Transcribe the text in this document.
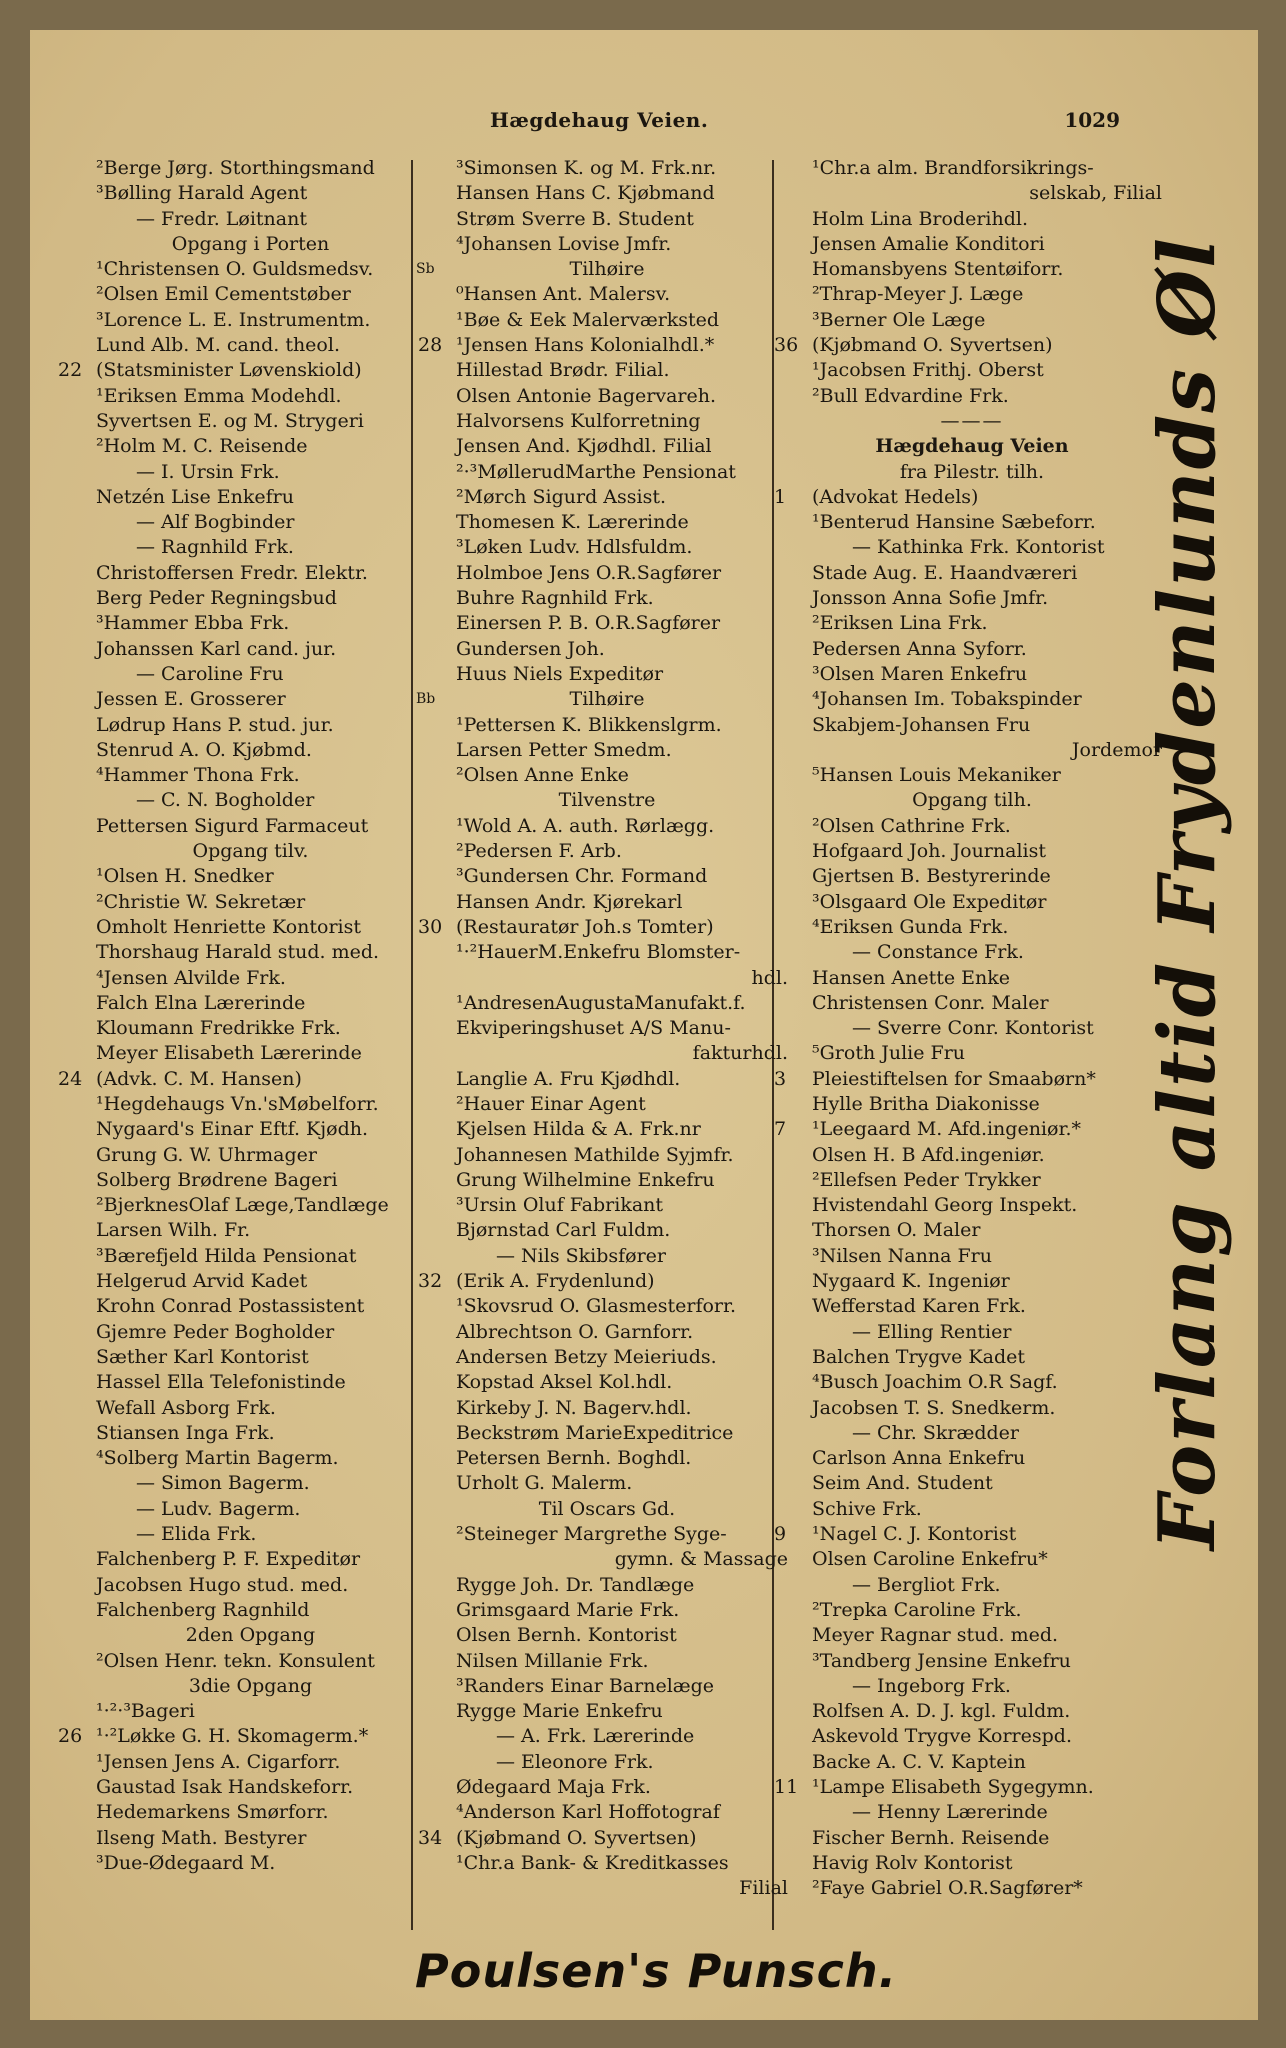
Hægdehaug Veien.	1029
²Berge Jørg. Storthingsmand
³Bølling Harald Agent
— Fredr. Løitnant
Opgang i Porten
¹Christensen O. Guldsmedsv.	Sb
²Olsen Emil Cementstøber
³Lorence L. E. Instrumentm.
Lund Alb. M. cand. theol.
22 (Statsminister Løvenskiold)
¹Eriksen Emma Modehdl.
Syvertsen E. og M. Strygeri
²Holm M. C. Reisende
— I. Ursin Frk.
Netzén Lise Enkefru
— Alf Bogbinder
— Ragnhild Frk.
Christoffersen Fredr. Elektr.
Berg Peder Regningsbud
³Hammer Ebba Frk.
Johanssen Karl cand. jur.
— Caroline Fru
Jessen E. Grosserer	Bb
Lødrup Hans P. stud. jur.
Stenrud A. O. Kjøbmd.
⁴Hammer Thona Frk.
— C. N. Bogholder
Pettersen Sigurd Farmaceut
Opgang tilv.
¹Olsen H. Snedker
²Christie W. Sekretær
Omholt Henriette Kontorist
Thorshaug Harald stud. med.
⁴Jensen Alvilde Frk.
Falch Elna Lærerinde
Kloumann Fredrikke Frk.
Meyer Elisabeth Lærerinde
24 (Advk. C. M. Hansen)
¹Hegdehaugs Vn.'sMøbelforr.
Nygaard's Einar Eftf. Kjødh.
Grung G. W. Uhrmager
Solberg Brødrene Bageri
²BjerknesOlaf Læge,Tandlæge
Larsen Wilh. Fr.
³Bærefjeld Hilda Pensionat
Helgerud Arvid Kadet
Krohn Conrad Postassistent
Gjemre Peder Bogholder
Sæther Karl Kontorist
Hassel Ella Telefonistinde
Wefall Asborg Frk.
Stiansen Inga Frk.
⁴Solberg Martin Bagerm.
— Simon Bagerm.
— Ludv. Bagerm.
— Elida Frk.
Falchenberg P. F. Expeditør
Jacobsen Hugo stud. med.
Falchenberg Ragnhild
2den Opgang
²Olsen Henr. tekn. Konsulent
3die Opgang
¹·²·³Bageri
26 ¹·²Løkke G. H. Skomagerm.*
¹Jensen Jens A. Cigarforr.
Gaustad Isak Handskeforr.
Hedemarkens Smørforr.
Ilseng Math. Bestyrer
³Due-Ødegaard M.
³Simonsen K. og M. Frk.nr.
Hansen Hans C. Kjøbmand
Strøm Sverre B. Student
⁴Johansen Lovise Jmfr.
Tilhøire
⁰Hansen Ant. Malersv.
¹Bøe & Eek Malerværksted
28 ¹Jensen Hans Kolonialhdl.*
Hillestad Brødr. Filial.
Olsen Antonie Bagervareh.
Halvorsens Kulforretning
Jensen And. Kjødhdl. Filial
²·³MøllerudMarthe Pensionat
²Mørch Sigurd Assist.
Thomesen K. Lærerinde
³Løken Ludv. Hdlsfuldm.
Holmboe Jens O.R.Sagfører
Buhre Ragnhild Frk.
Einersen P. B. O.R.Sagfører
Gundersen Joh.
Huus Niels Expeditør
Tilhøire
¹Pettersen K. Blikkenslgrm.
Larsen Petter Smedm.
²Olsen Anne Enke
Tilvenstre
¹Wold A. A. auth. Rørlægg.
²Pedersen F. Arb.
³Gundersen Chr. Formand
Hansen Andr. Kjørekarl
30 (Restauratør Joh.s Tomter)
¹·²HauerM.Enkefru Blomster-
hdl.
¹AndresenAugustaManufakt.f.
Ekviperingshuset A/S Manu-
fakturhdl.
Langlie A. Fru Kjødhdl.
²Hauer Einar Agent
Kjelsen Hilda & A. Frk.nr
Johannesen Mathilde Syjmfr.
Grung Wilhelmine Enkefru
³Ursin Oluf Fabrikant
Bjørnstad Carl Fuldm.
— Nils Skibsfører
32 (Erik A. Frydenlund)
¹Skovsrud O. Glasmesterforr.
Albrechtson O. Garnforr.
Andersen Betzy Meieriuds.
Kopstad Aksel Kol.hdl.
Kirkeby J. N. Bagerv.hdl.
Beckstrøm MarieExpeditrice
Petersen Bernh. Boghdl.
Urholt G. Malerm.
Til Oscars Gd.
²Steineger Margrethe Syge-
gymn. & Massage
Rygge Joh. Dr. Tandlæge
Grimsgaard Marie Frk.
Olsen Bernh. Kontorist
Nilsen Millanie Frk.
³Randers Einar Barnelæge
Rygge Marie Enkefru
— A. Frk. Lærerinde
— Eleonore Frk.
Ødegaard Maja Frk.
⁴Anderson Karl Hoffotograf
34 (Kjøbmand O. Syvertsen)
¹Chr.a Bank- & Kreditkasses
Filial
¹Chr.a alm. Brandforsikrings-
selskab, Filial
Holm Lina Broderihdl.
Jensen Amalie Konditori
Homansbyens Stentøiforr.
²Thrap-Meyer J. Læge
³Berner Ole Læge
36 (Kjøbmand O. Syvertsen)
¹Jacobsen Frithj. Oberst
²Bull Edvardine Frk.
———
Hægdehaug Veien
fra Pilestr. tilh.
1 (Advokat Hedels)
¹Benterud Hansine Sæbeforr.
— Kathinka Frk. Kontorist
Stade Aug. E. Haandværeri
Jonsson Anna Sofie Jmfr.
²Eriksen Lina Frk.
Pedersen Anna Syforr.
³Olsen Maren Enkefru
⁴Johansen Im. Tobakspinder
Skabjem-Johansen Fru
Jordemor
⁵Hansen Louis Mekaniker
Opgang tilh.
²Olsen Cathrine Frk.
Hofgaard Joh. Journalist
Gjertsen B. Bestyrerinde
³Olsgaard Ole Expeditør
⁴Eriksen Gunda Frk.
— Constance Frk.
Hansen Anette Enke
Christensen Conr. Maler
— Sverre Conr. Kontorist
⁵Groth Julie Fru
3 Pleiestiftelsen for Smaabørn*
Hylle Britha Diakonisse
7 ¹Leegaard M. Afd.ingeniør.*
Olsen H. B Afd.ingeniør.
²Ellefsen Peder Trykker
Hvistendahl Georg Inspekt.
Thorsen O. Maler
³Nilsen Nanna Fru
Nygaard K. Ingeniør
Wefferstad Karen Frk.
— Elling Rentier
Balchen Trygve Kadet
⁴Busch Joachim O.R Sagf.
Jacobsen T. S. Snedkerm.
— Chr. Skrædder
Carlson Anna Enkefru
Seim And. Student
Schive Frk.
9 ¹Nagel C. J. Kontorist
Olsen Caroline Enkefru*
— Bergliot Frk.
²Trepka Caroline Frk.
Meyer Ragnar stud. med.
³Tandberg Jensine Enkefru
— Ingeborg Frk.
Rolfsen A. D. J. kgl. Fuldm.
Askevold Trygve Korrespd.
Backe A. C. V. Kaptein
11 ¹Lampe Elisabeth Sygegymn.
— Henny Lærerinde
Fischer Bernh. Reisende
Havig Rolv Kontorist
²Faye Gabriel O.R.Sagfører*
Forlang altid Frydenlunds Øl
Poulsen's Punsch.
